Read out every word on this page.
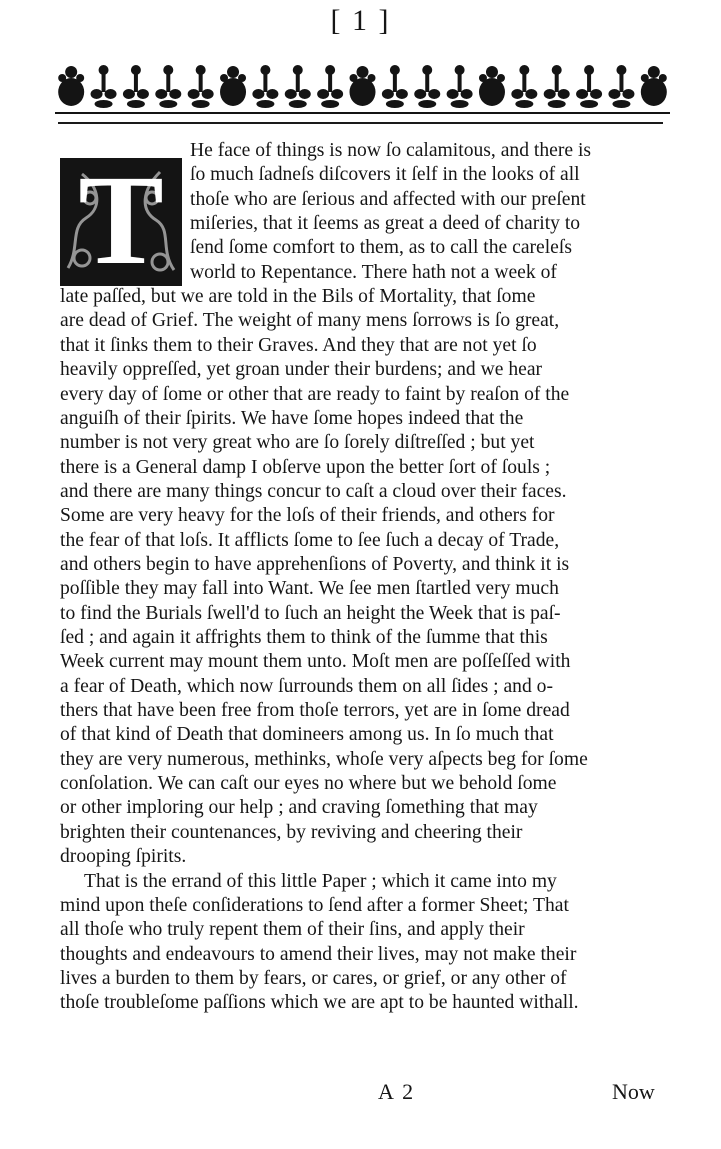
[ 1 ]
T	He face of things is now ſo calamitous, and there is
ſo much ſadneſs diſcovers it ſelf in the looks of all
thoſe who are ſerious and affected with our preſent
miſeries, that it ſeems as great a deed of charity to
ſend ſome comfort to them, as to call the careleſs
world to Repentance. There hath not a week of
late paſſed, but we are told in the Bils of Mortality, that ſome
are dead of Grief. The weight of many mens ſorrows is ſo great,
that it ſinks them to their Graves. And they that are not yet ſo
heavily oppreſſed, yet groan under their burdens; and we hear
every day of ſome or other that are ready to faint by reaſon of the
anguiſh of their ſpirits. We have ſome hopes indeed that the
number is not very great who are ſo ſorely diſtreſſed ; but yet
there is a General damp I obſerve upon the better ſort of ſouls ;
and there are many things concur to caſt a cloud over their faces.
Some are very heavy for the loſs of their friends, and others for
the fear of that loſs. It afflicts ſome to ſee ſuch a decay of Trade,
and others begin to have apprehenſions of Poverty, and think it is
poſſible they may fall into Want. We ſee men ſtartled very much
to find the Burials ſwell'd to ſuch an height the Week that is paſ-
ſed ; and again it affrights them to think of the ſumme that this
Week current may mount them unto. Moſt men are poſſeſſed with
a fear of Death, which now ſurrounds them on all ſides ; and o-
thers that have been free from thoſe terrors, yet are in ſome dread
of that kind of Death that domineers among us. In ſo much that
they are very numerous, methinks, whoſe very aſpects beg for ſome
conſolation. We can caſt our eyes no where but we behold ſome
or other imploring our help ; and craving ſomething that may
brighten their countenances, by reviving and cheering their
drooping ſpirits.
That is the errand of this little Paper ; which it came into my
mind upon theſe conſiderations to ſend after a former Sheet; That
all thoſe who truly repent them of their ſins, and apply their
thoughts and endeavours to amend their lives, may not make their
lives a burden to them by fears, or cares, or grief, or any other of
thoſe troubleſome paſſions which we are apt to be haunted withall.
A 2	Now
